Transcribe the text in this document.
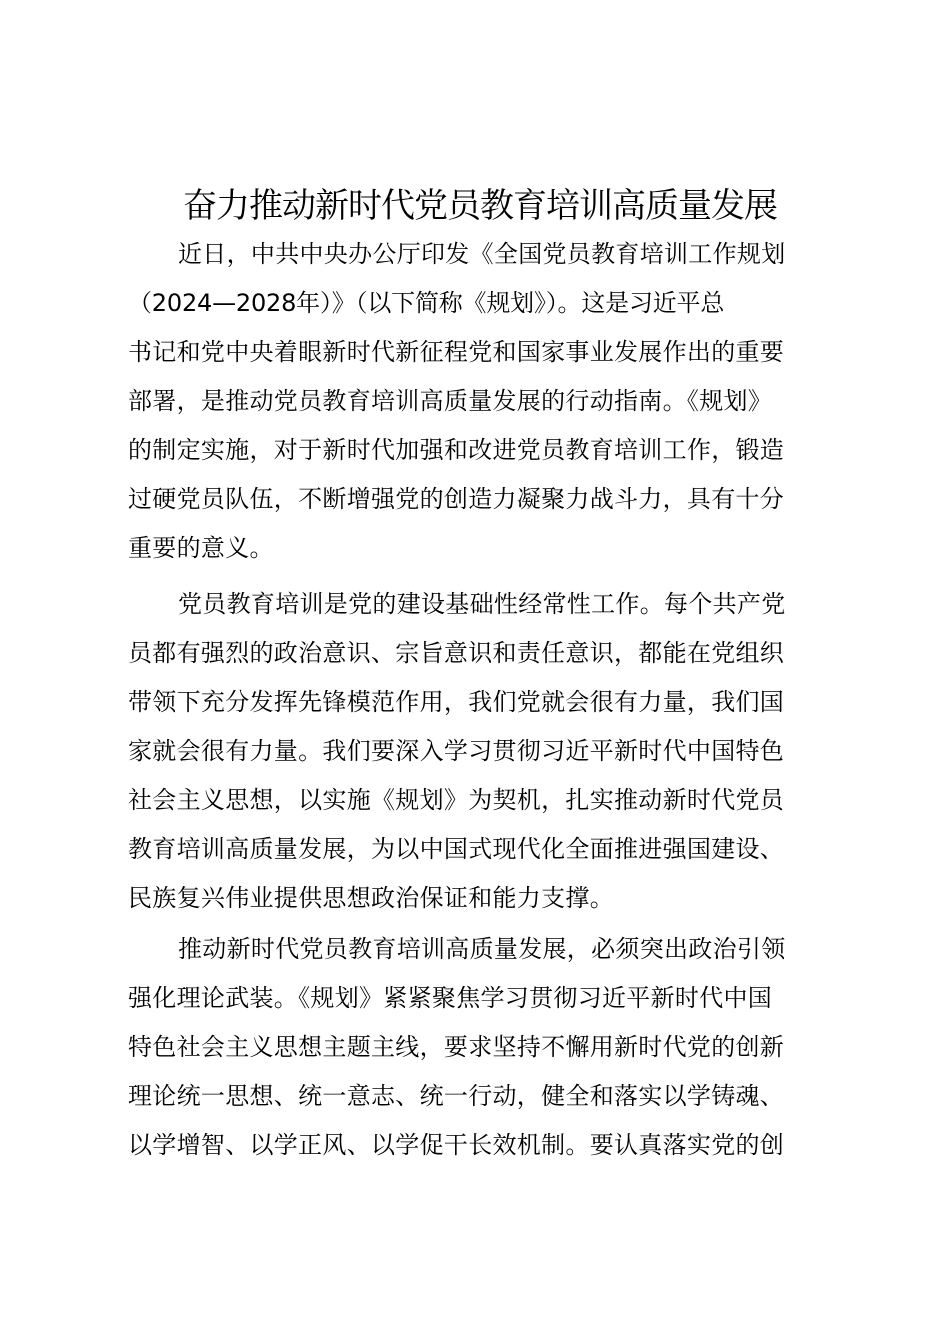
奋力推动新时代党员教育培训高质量发展
近日，中共中央办公厅印发《全国党员教育培训工作规划
（2024—2028年）》（以下简称《规划》）。这是习近平总
书记和党中央着眼新时代新征程党和国家事业发展作出的重要
部署，是推动党员教育培训高质量发展的行动指南。《规划》
的制定实施，对于新时代加强和改进党员教育培训工作，锻造
过硬党员队伍，不断增强党的创造力凝聚力战斗力，具有十分
重要的意义。
党员教育培训是党的建设基础性经常性工作。每个共产党
员都有强烈的政治意识、宗旨意识和责任意识，都能在党组织
带领下充分发挥先锋模范作用，我们党就会很有力量，我们国
家就会很有力量。我们要深入学习贯彻习近平新时代中国特色
社会主义思想，以实施《规划》为契机，扎实推动新时代党员
教育培训高质量发展，为以中国式现代化全面推进强国建设、
民族复兴伟业提供思想政治保证和能力支撑。
推动新时代党员教育培训高质量发展，必须突出政治引领
强化理论武装。《规划》紧紧聚焦学习贯彻习近平新时代中国
特色社会主义思想主题主线，要求坚持不懈用新时代党的创新
理论统一思想、统一意志、统一行动，健全和落实以学铸魂、
以学增智、以学正风、以学促干长效机制。要认真落实党的创
